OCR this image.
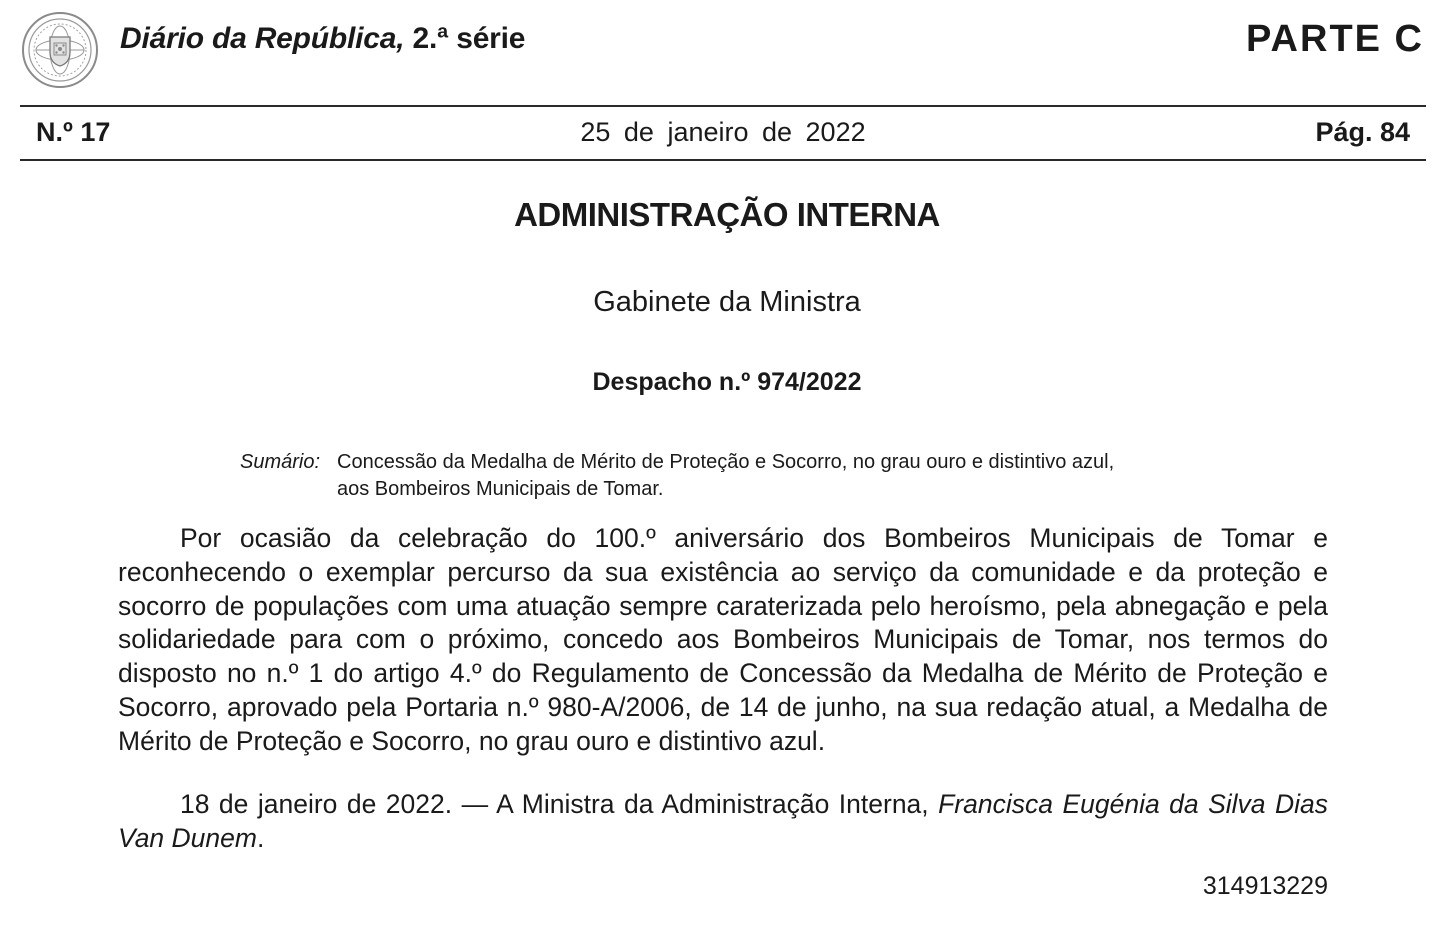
Diário da República, 2.ª série	PARTE C
25 de janeiro de 2022
N.º 17	Pág. 84
ADMINISTRAÇÃO INTERNA
Gabinete da Ministra
Despacho n.º 974/2022
Sumário: Concessão da Medalha de Mérito de Proteção e Socorro, no grau ouro e distintivo azul,
aos Bombeiros Municipais de Tomar.

Por ocasião da celebração do 100.º aniversário dos Bombeiros Municipais de Tomar e reconhecendo o exemplar percurso da sua existência ao serviço da comunidade e da proteção e socorro de populações com uma atuação sempre caraterizada pelo heroísmo, pela abnegação e pela solidariedade para com o próximo, concedo aos Bombeiros Municipais de Tomar, nos termos do disposto no n.º 1 do artigo 4.º do Regulamento de Concessão da Medalha de Mérito de Proteção e Socorro, aprovado pela Portaria n.º 980-A/2006, de 14 de junho, na sua redação atual, a Medalha de Mérito de Proteção e Socorro, no grau ouro e distintivo azul.

18 de janeiro de 2022. — A Ministra da Administração Interna, Francisca Eugénia da Silva Dias Van Dunem.

314913229
